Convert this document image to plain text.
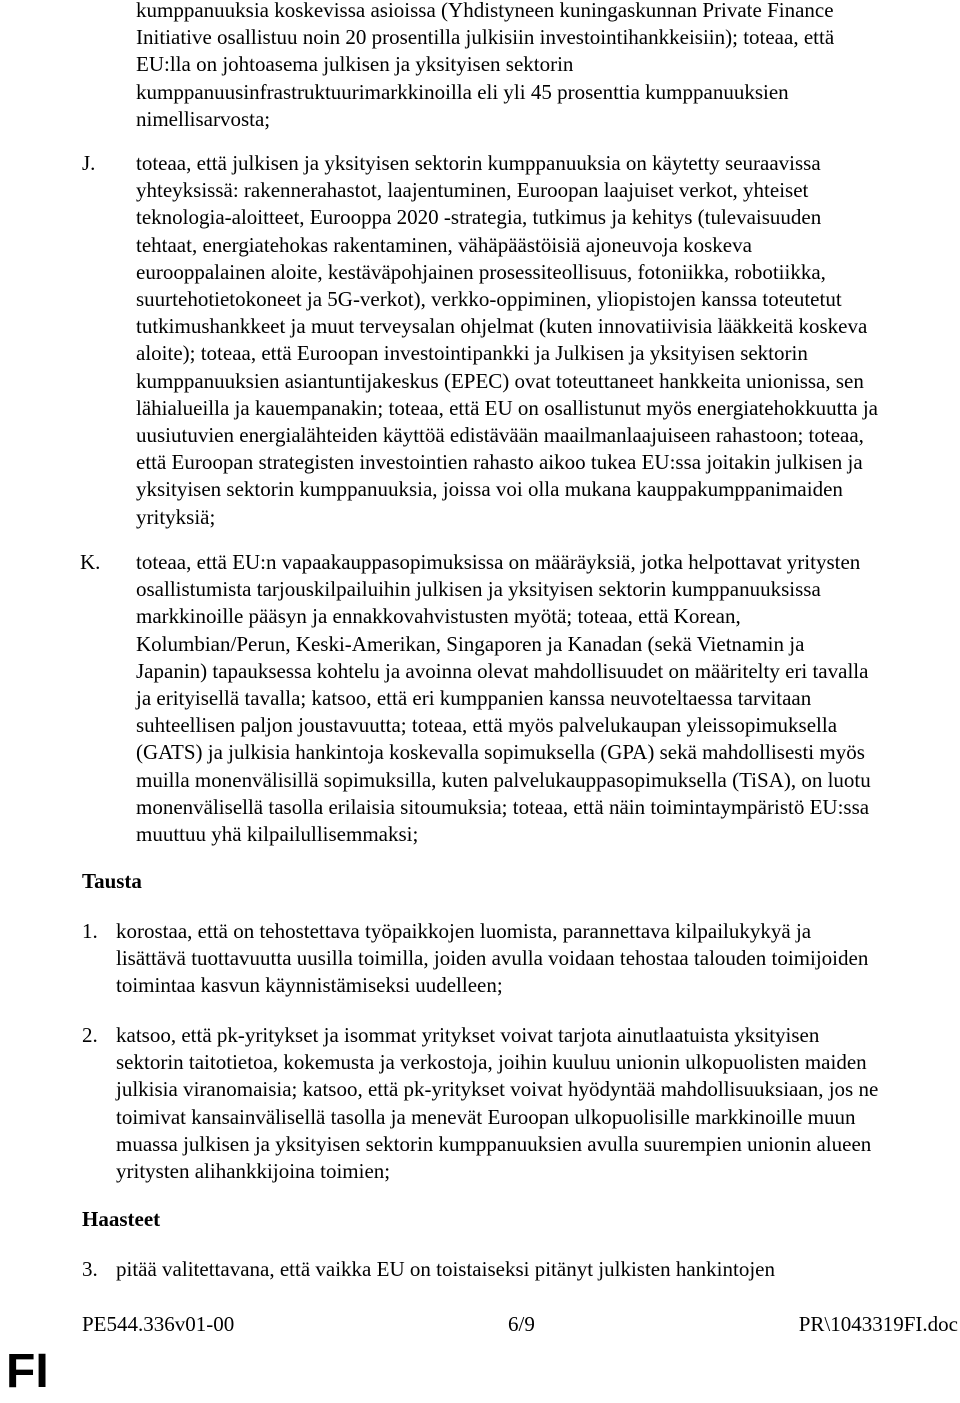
kumppanuuksia koskevissa asioissa (Yhdistyneen kuningaskunnan Private Finance
Initiative osallistuu noin 20 prosentilla julkisiin investointihankkeisiin); toteaa, että
EU:lla on johtoasema julkisen ja yksityisen sektorin
kumppanuusinfrastruktuurimarkkinoilla eli yli 45 prosenttia kumppanuuksien
nimellisarvosta;
J. toteaa, että julkisen ja yksityisen sektorin kumppanuuksia on käytetty seuraavissa
yhteyksissä: rakennerahastot, laajentuminen, Euroopan laajuiset verkot, yhteiset
teknologia-aloitteet, Eurooppa 2020 -strategia, tutkimus ja kehitys (tulevaisuuden
tehtaat, energiatehokas rakentaminen, vähäpäästöisiä ajoneuvoja koskeva
eurooppalainen aloite, kestäväpohjainen prosessiteollisuus, fotoniikka, robotiikka,
suurtehotietokoneet ja 5G-verkot), verkko-oppiminen, yliopistojen kanssa toteutetut
tutkimushankkeet ja muut terveysalan ohjelmat (kuten innovatiivisia lääkkeitä koskeva
aloite); toteaa, että Euroopan investointipankki ja Julkisen ja yksityisen sektorin
kumppanuuksien asiantuntijakeskus (EPEC) ovat toteuttaneet hankkeita unionissa, sen
lähialueilla ja kauempanakin; toteaa, että EU on osallistunut myös energiatehokkuutta ja
uusiutuvien energialähteiden käyttöä edistävään maailmanlaajuiseen rahastoon; toteaa,
että Euroopan strategisten investointien rahasto aikoo tukea EU:ssa joitakin julkisen ja
yksityisen sektorin kumppanuuksia, joissa voi olla mukana kauppakumppanimaiden
yrityksiä;
K. toteaa, että EU:n vapaakauppasopimuksissa on määräyksiä, jotka helpottavat yritysten
osallistumista tarjouskilpailuihin julkisen ja yksityisen sektorin kumppanuuksissa
markkinoille pääsyn ja ennakkovahvistusten myötä; toteaa, että Korean,
Kolumbian/Perun, Keski-Amerikan, Singaporen ja Kanadan (sekä Vietnamin ja
Japanin) tapauksessa kohtelu ja avoinna olevat mahdollisuudet on määritelty eri tavalla
ja erityisellä tavalla; katsoo, että eri kumppanien kanssa neuvoteltaessa tarvitaan
suhteellisen paljon joustavuutta; toteaa, että myös palvelukaupan yleissopimuksella
(GATS) ja julkisia hankintoja koskevalla sopimuksella (GPA) sekä mahdollisesti myös
muilla monenvälisillä sopimuksilla, kuten palvelukauppasopimuksella (TiSA), on luotu
monenvälisellä tasolla erilaisia sitoumuksia; toteaa, että näin toimintaympäristö EU:ssa
muuttuu yhä kilpailullisemmaksi;
Tausta
1. korostaa, että on tehostettava työpaikkojen luomista, parannettava kilpailukykyä ja
lisättävä tuottavuutta uusilla toimilla, joiden avulla voidaan tehostaa talouden toimijoiden
toimintaa kasvun käynnistämiseksi uudelleen;
2. katsoo, että pk-yritykset ja isommat yritykset voivat tarjota ainutlaatuista yksityisen
sektorin taitotietoa, kokemusta ja verkostoja, joihin kuuluu unionin ulkopuolisten maiden
julkisia viranomaisia; katsoo, että pk-yritykset voivat hyödyntää mahdollisuuksiaan, jos ne
toimivat kansainvälisellä tasolla ja menevät Euroopan ulkopuolisille markkinoille muun
muassa julkisen ja yksityisen sektorin kumppanuuksien avulla suurempien unionin alueen
yritysten alihankkijoina toimien;
Haasteet
3. pitää valitettavana, että vaikka EU on toistaiseksi pitänyt julkisten hankintojen
PE544.336v01-00	6/9	PR\1043319FI.doc
FI
